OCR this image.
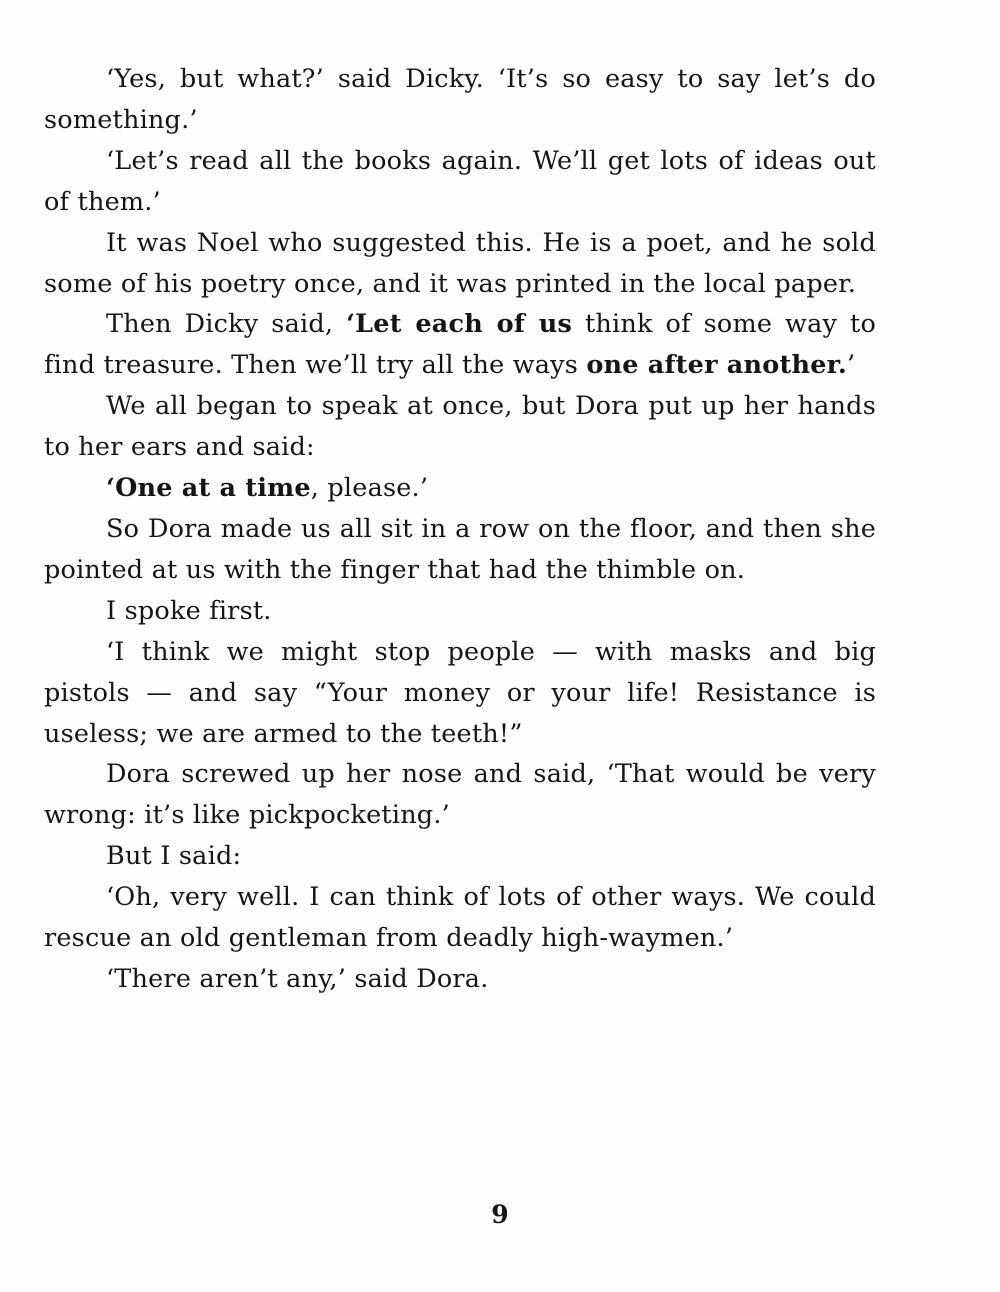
‘Yes, but what?’ said Dicky. ‘It’s so easy to say let’s do something.’

‘Let’s read all the books again. We’ll get lots of ideas out of them.’

It was Noel who suggested this. He is a poet, and he sold some of his poetry once, and it was printed in the local paper.

Then Dicky said, ‘Let each of us think of some way to find treasure. Then we’ll try all the ways one after another.’

We all began to speak at once, but Dora put up her hands to her ears and said:

‘One at a time, please.’

So Dora made us all sit in a row on the floor, and then she pointed at us with the finger that had the thimble on.

I spoke first.

‘I think we might stop people — with masks and big pistols — and say “Your money or your life! Resistance is useless; we are armed to the teeth!”

Dora screwed up her nose and said, ‘That would be very wrong: it’s like pickpocketing.’

But I said:

‘Oh, very well. I can think of lots of other ways. We could rescue an old gentleman from deadly high-waymen.’

‘There aren’t any,’ said Dora.

9
